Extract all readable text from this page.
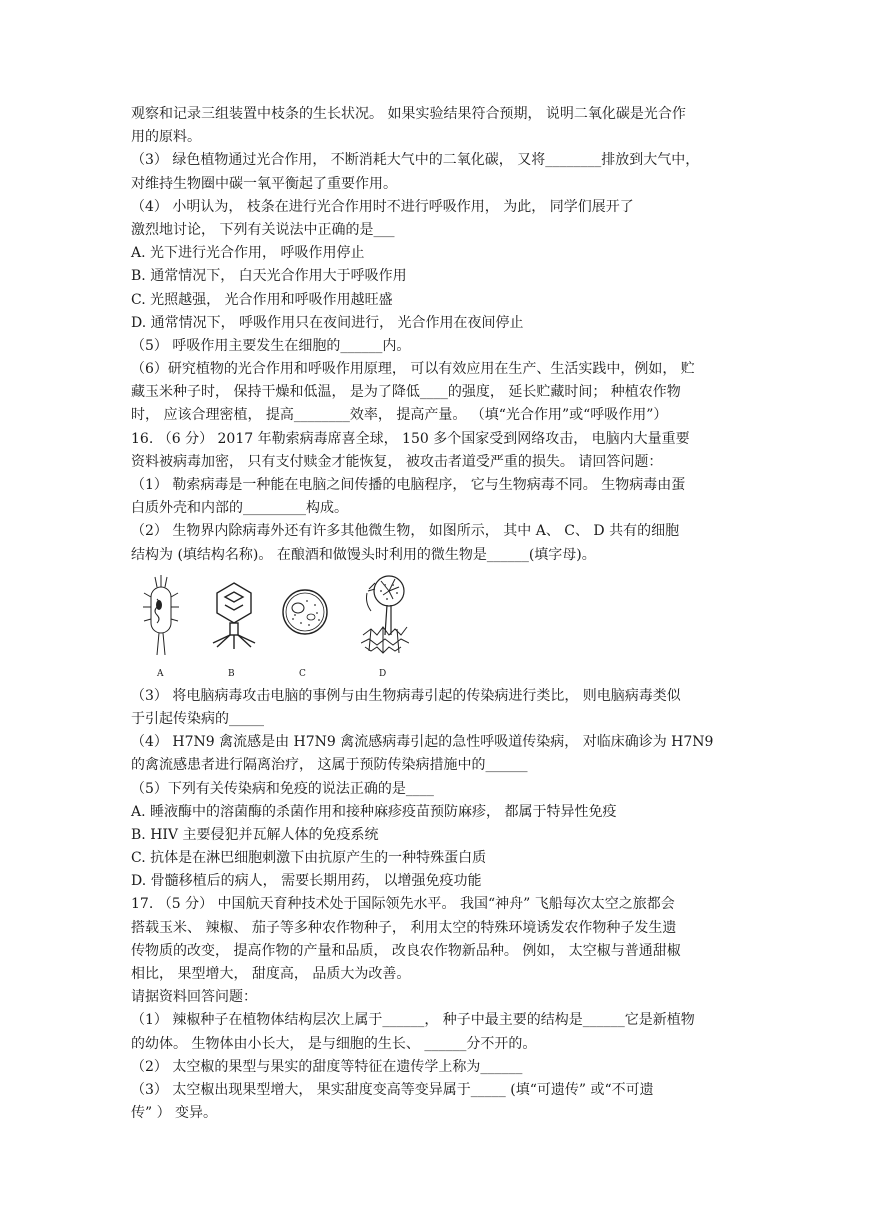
观察和记录三组装置中枝条的生长状况。 如果实验结果符合预期， 说明二氧化碳是光合作
用的原料。
（3） 绿色植物通过光合作用， 不断消耗大气中的二氧化碳， 又将________排放到大气中，
对维持生物圈中碳一氧平衡起了重要作用。
（4） 小明认为， 枝条在进行光合作用时不进行呼吸作用， 为此， 同学们展开了
激烈地讨论， 下列有关说法中正确的是___
A. 光下进行光合作用， 呼吸作用停止
B. 通常情况下， 白天光合作用大于呼吸作用
C. 光照越强， 光合作用和呼吸作用越旺盛
D. 通常情况下， 呼吸作用只在夜间进行， 光合作用在夜间停止
（5） 呼吸作用主要发生在细胞的______内。
（6）研究植物的光合作用和呼吸作用原理， 可以有效应用在生产、生活实践中，例如， 贮
藏玉米种子时， 保持干燥和低温， 是为了降低____的强度， 延长贮藏时间； 种植农作物
时， 应该合理密植， 提高________效率， 提高产量。 （填“光合作用”或“呼吸作用”）
16. （6 分） 2017 年勒索病毒席喜全球， 150 多个国家受到网络攻击， 电脑内大量重要
资料被病毒加密， 只有支付赎金才能恢复， 被攻击者道受严重的损失。 请回答问题：
（1） 勒索病毒是一种能在电脑之间传播的电脑程序， 它与生物病毒不同。 生物病毒由蛋
白质外壳和内部的_________构成。
（2） 生物界内除病毒外还有许多其他微生物， 如图所示， 其中 A、 C、 D 共有的细胞
结构为 (填结构名称)。 在酿酒和做馒头时利用的微生物是______(填字母)。
A	B	C	D
（3） 将电脑病毒攻击电脑的事例与由生物病毒引起的传染病进行类比， 则电脑病毒类似
于引起传染病的_____
（4） H7N9 禽流感是由 H7N9 禽流感病毒引起的急性呼吸道传染病， 对临床确诊为 H7N9
的禽流感患者进行隔离治疗， 这属于预防传染病措施中的______
（5）下列有关传染病和免疫的说法正确的是____
A. 睡液酶中的溶菌酶的杀菌作用和接种麻疹疫苗预防麻疹， 都属于特异性免疫
B. HIV 主要侵犯并瓦解人体的免疫系统
C. 抗体是在淋巴细胞刺激下由抗原产生的一种特殊蛋白质
D. 骨髓移植后的病人， 需要长期用药， 以增强免疫功能
17. （5 分） 中国航天育种技术处于国际领先水平。 我国“神舟” 飞船每次太空之旅都会
搭载玉米、 辣椒、 茄子等多种农作物种子， 利用太空的特殊环境诱发农作物种子发生遗
传物质的改变， 提高作物的产量和品质， 改良农作物新品种。 例如， 太空椒与普通甜椒
相比， 果型增大， 甜度高， 品质大为改善。
请据资料回答问题：
（1） 辣椒种子在植物体结构层次上属于______， 种子中最主要的结构是______它是新植物
的幼体。 生物体由小长大， 是与细胞的生长、 ______分不开的。
（2） 太空椒的果型与果实的甜度等特征在遗传学上称为______
（3） 太空椒出现果型增大， 果实甜度变高等变异属于_____ (填“可遗传” 或“不可遗
传” ） 变异。
